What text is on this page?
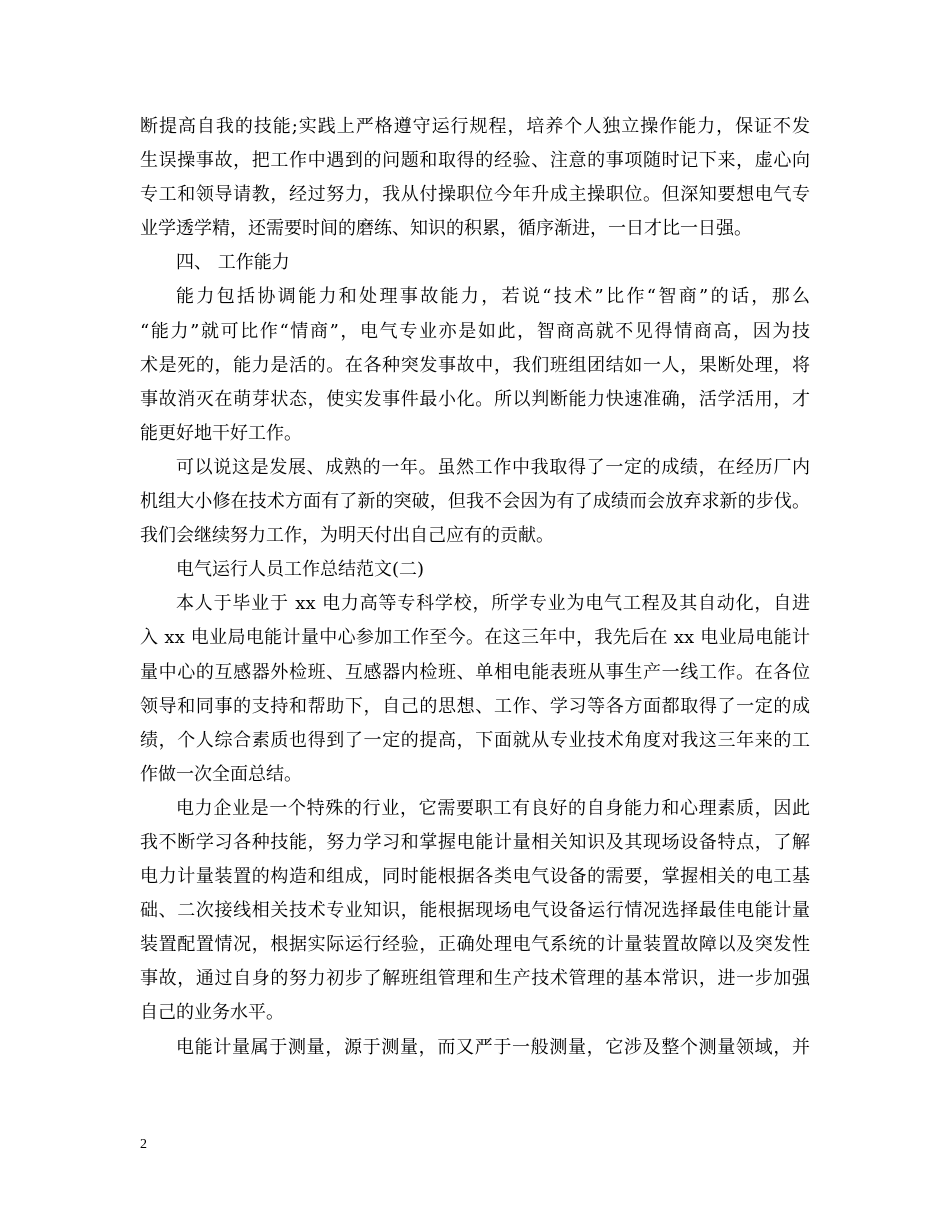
断提高自我的技能;实践上严格遵守运行规程，培养个人独立操作能力，保证不发
生误操事故，把工作中遇到的问题和取得的经验、注意的事项随时记下来，虚心向
专工和领导请教，经过努力，我从付操职位今年升成主操职位。但深知要想电气专
业学透学精，还需要时间的磨练、知识的积累，循序渐进，一日才比一日强。
四、 工作能力
能力包括协调能力和处理事故能力，若说“技术”比作“智商”的话，那么
“能力”就可比作“情商”，电气专业亦是如此，智商高就不见得情商高，因为技
术是死的，能力是活的。在各种突发事故中，我们班组团结如一人，果断处理，将
事故消灭在萌芽状态，使实发事件最小化。所以判断能力快速准确，活学活用，才
能更好地干好工作。
可以说这是发展、成熟的一年。虽然工作中我取得了一定的成绩，在经历厂内
机组大小修在技术方面有了新的突破，但我不会因为有了成绩而会放弃求新的步伐。
我们会继续努力工作，为明天付出自己应有的贡献。
电气运行人员工作总结范文(二)
本人于毕业于 xx 电力高等专科学校，所学专业为电气工程及其自动化，自进
入 xx 电业局电能计量中心参加工作至今。在这三年中，我先后在 xx 电业局电能计
量中心的互感器外检班、互感器内检班、单相电能表班从事生产一线工作。在各位
领导和同事的支持和帮助下，自己的思想、工作、学习等各方面都取得了一定的成
绩，个人综合素质也得到了一定的提高，下面就从专业技术角度对我这三年来的工
作做一次全面总结。
电力企业是一个特殊的行业，它需要职工有良好的自身能力和心理素质，因此
我不断学习各种技能，努力学习和掌握电能计量相关知识及其现场设备特点，了解
电力计量装置的构造和组成，同时能根据各类电气设备的需要，掌握相关的电工基
础、二次接线相关技术专业知识，能根据现场电气设备运行情况选择最佳电能计量
装置配置情况，根据实际运行经验，正确处理电气系统的计量装置故障以及突发性
事故，通过自身的努力初步了解班组管理和生产技术管理的基本常识，进一步加强
自己的业务水平。
电能计量属于测量，源于测量，而又严于一般测量，它涉及整个测量领域，并
2
